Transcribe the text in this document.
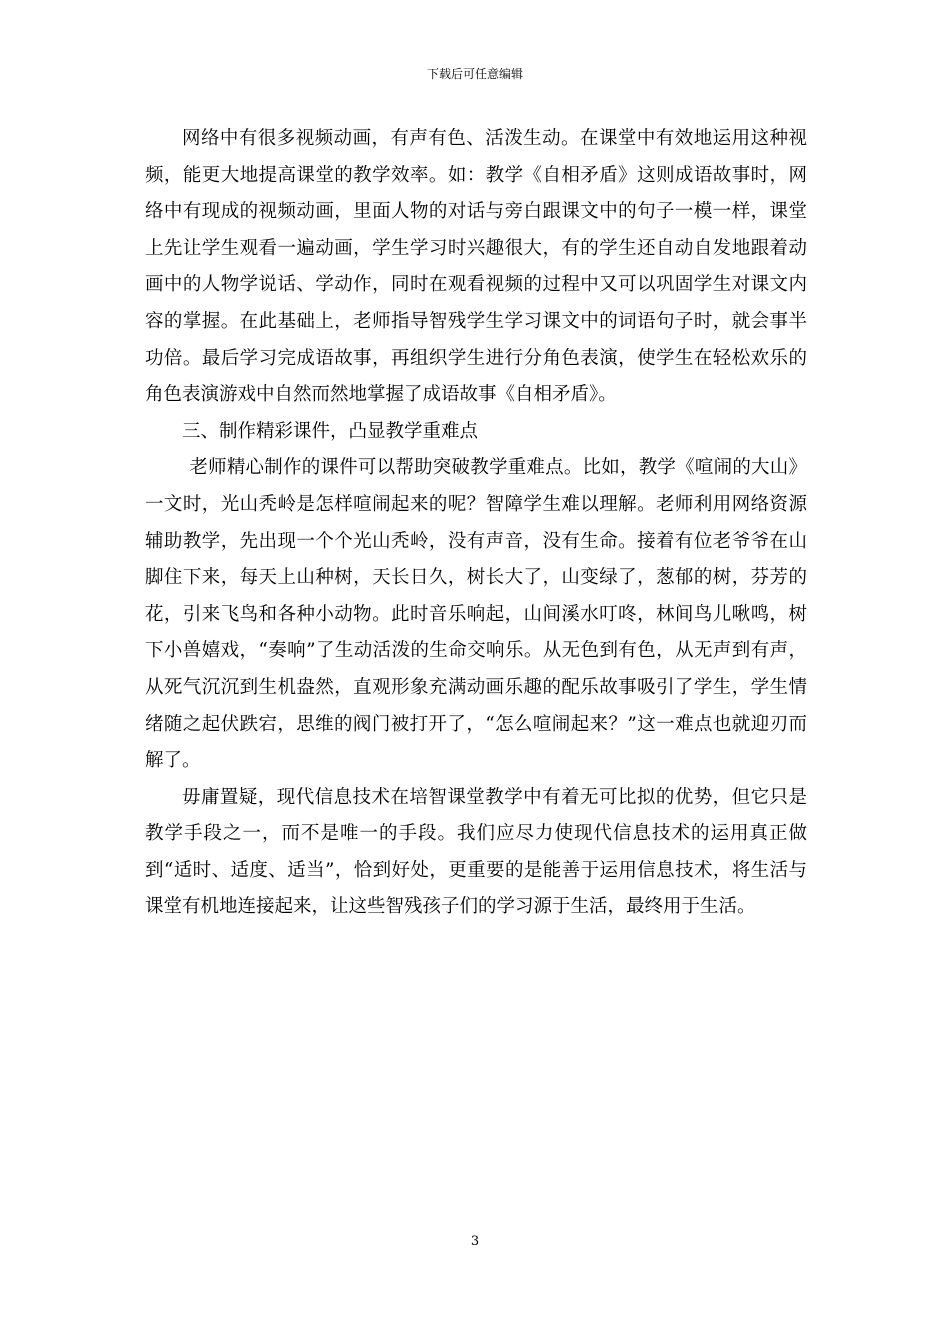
下载后可任意编辑

网络中有很多视频动画，有声有色、活泼生动。在课堂中有效地运用这种视频，能更大地提高课堂的教学效率。如：教学《自相矛盾》这则成语故事时，网络中有现成的视频动画，里面人物的对话与旁白跟课文中的句子一模一样，课堂上先让学生观看一遍动画，学生学习时兴趣很大，有的学生还自动自发地跟着动画中的人物学说话、学动作，同时在观看视频的过程中又可以巩固学生对课文内容的掌握。在此基础上，老师指导智残学生学习课文中的词语句子时，就会事半功倍。最后学习完成语故事，再组织学生进行分角色表演，使学生在轻松欢乐的角色表演游戏中自然而然地掌握了成语故事《自相矛盾》。

三、制作精彩课件，凸显教学重难点

老师精心制作的课件可以帮助突破教学重难点。比如，教学《喧闹的大山》一文时，光山秃岭是怎样喧闹起来的呢？智障学生难以理解。老师利用网络资源辅助教学，先出现一个个光山秃岭，没有声音，没有生命。接着有位老爷爷在山脚住下来，每天上山种树，天长日久，树长大了，山变绿了，葱郁的树，芬芳的花，引来飞鸟和各种小动物。此时音乐响起，山间溪水叮咚，林间鸟儿啾鸣，树下小兽嬉戏，“奏响”了生动活泼的生命交响乐。从无色到有色，从无声到有声，从死气沉沉到生机盎然，直观形象充满动画乐趣的配乐故事吸引了学生，学生情绪随之起伏跌宕，思维的阀门被打开了，“怎么喧闹起来？”这一难点也就迎刃而解了。

毋庸置疑，现代信息技术在培智课堂教学中有着无可比拟的优势，但它只是教学手段之一，而不是唯一的手段。我们应尽力使现代信息技术的运用真正做到“适时、适度、适当”，恰到好处，更重要的是能善于运用信息技术，将生活与课堂有机地连接起来，让这些智残孩子们的学习源于生活，最终用于生活。

3
